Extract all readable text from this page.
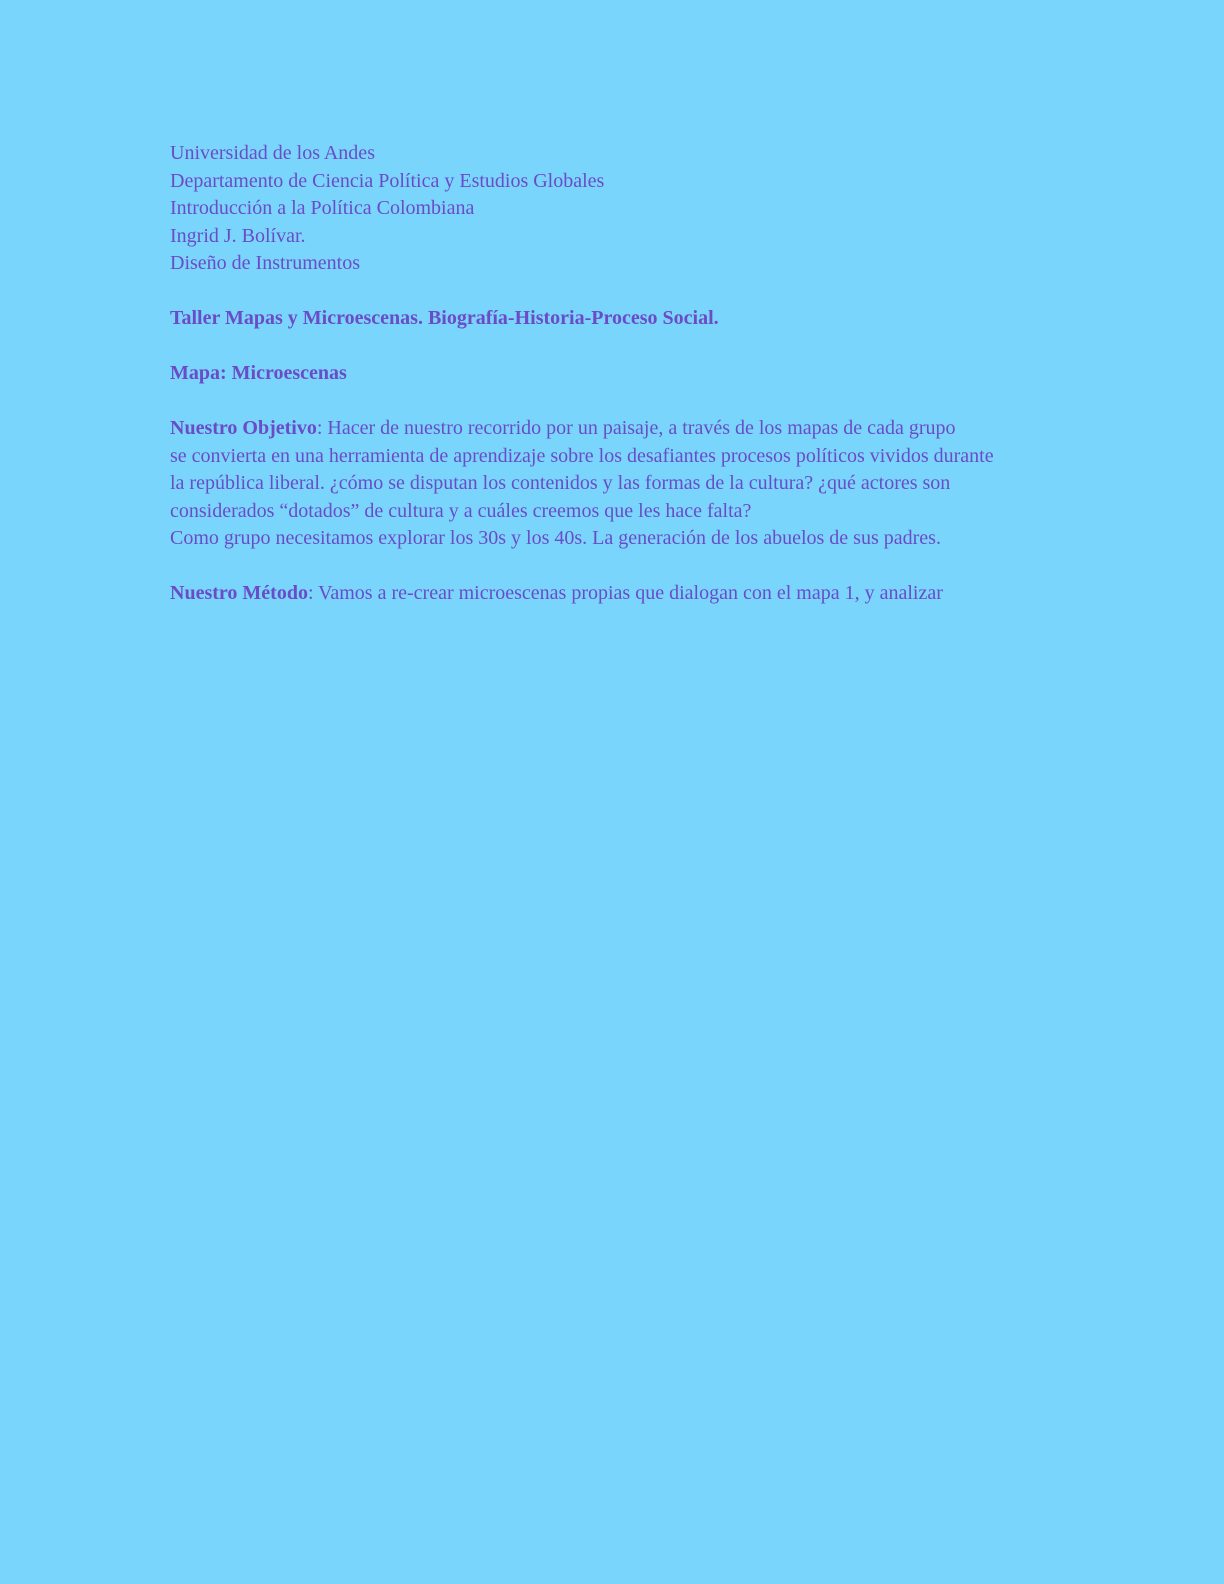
Universidad de los Andes
Departamento de Ciencia Política y Estudios Globales
Introducción a la Política Colombiana
Ingrid J. Bolívar.
Diseño de Instrumentos
Taller Mapas y Microescenas. Biografía-Historia-Proceso Social.
Mapa: Microescenas
Nuestro Objetivo: Hacer de nuestro recorrido por un paisaje, a través de los mapas de cada grupo
se convierta en una herramienta de aprendizaje sobre los desafiantes procesos políticos vividos durante
la república liberal. ¿cómo se disputan los contenidos y las formas de la cultura? ¿qué actores son
considerados “dotados” de cultura y a cuáles creemos que les hace falta?
Como grupo necesitamos explorar los 30s y los 40s. La generación de los abuelos de sus padres.
Nuestro Método: Vamos a re-crear microescenas propias que dialogan con el mapa 1, y analizar
